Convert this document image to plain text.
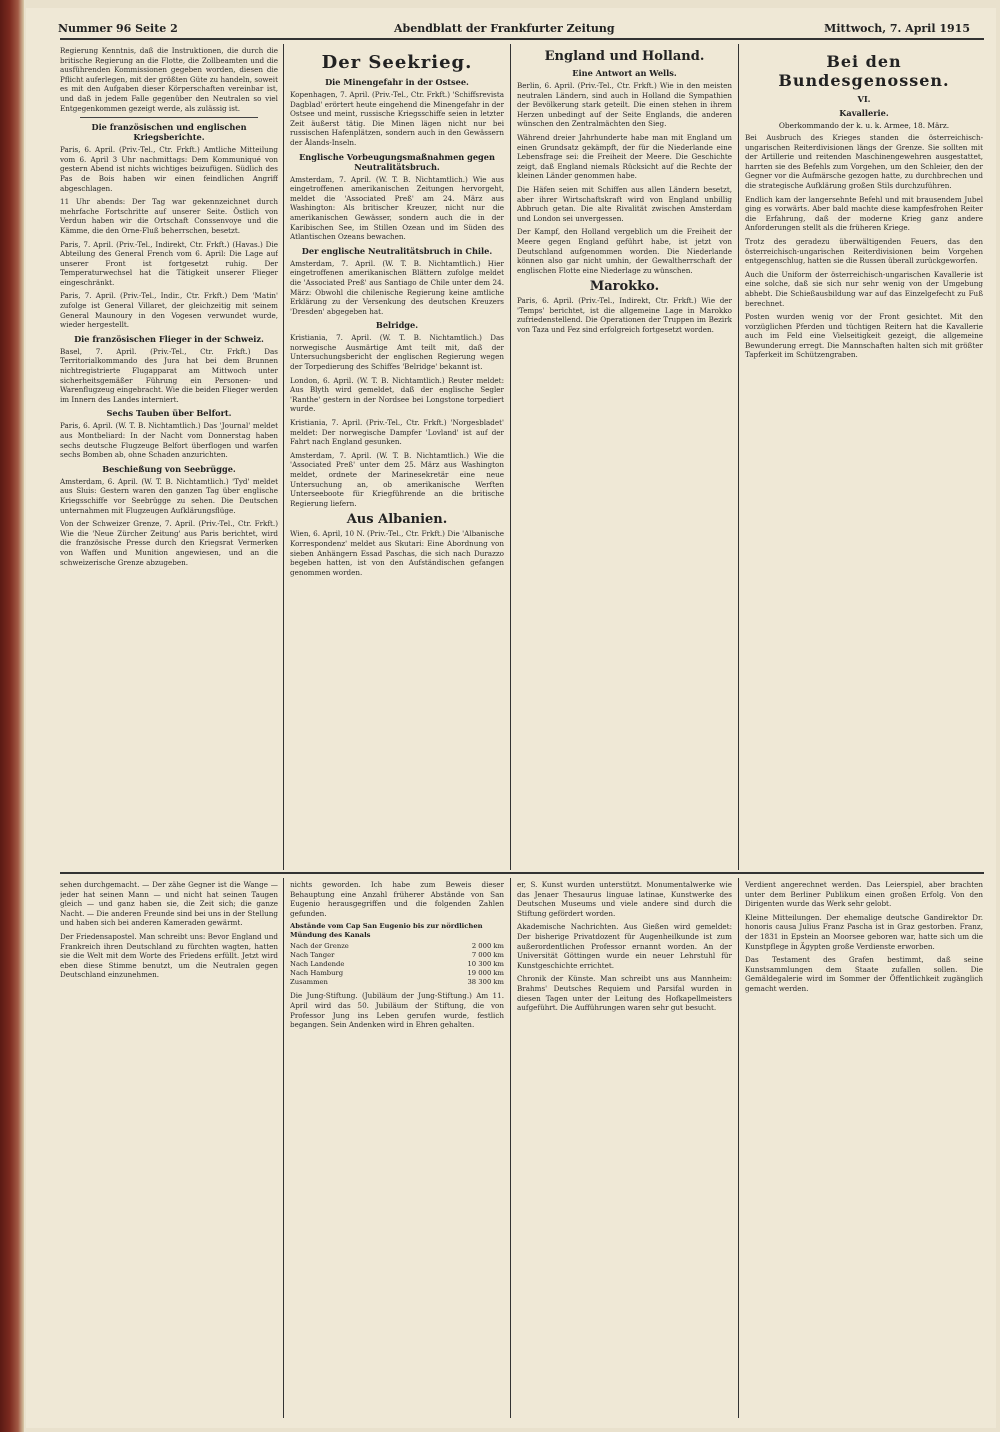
Nummer 96 Seite 2	Abendblatt der Frankfurter Zeitung	Mittwoch, 7. April 1915

Regierung Kenntnis, daß die Instruktionen, die durch die britische Regierung an die Flotte, die Zollbeamten und die ausführenden Kommissionen gegeben worden, diesen die Pflicht auferlegen, mit der größten Güte zu handeln, soweit es mit den Aufgaben dieser Körperschaften vereinbar ist, und daß in jedem Falle gegenüber den Neutralen so viel Entgegenkommen gezeigt werde, als zulässig ist.

Die französischen und englischen Kriegsberichte.

Paris, 6. April. (Priv.-Tel., Ctr. Frkft.) Amtliche Mitteilung vom 6. April 3 Uhr nachmittags: Dem Kommuniqué von gestern Abend ist nichts wichtiges beizufügen. Südlich des Pas de Bois haben wir einen feindlichen Angriff abgeschlagen.

11 Uhr abends: Der Tag war gekennzeichnet durch mehrfache Fortschritte auf unserer Seite. Östlich von Verdun haben wir die Ortschaft Conssenvoye und die Kämme, die den Orne-Fluß beherrschen, besetzt.

Paris, 7. April. (Priv.-Tel., Indirekt, Ctr. Frkft.) (Havas.) Die Abteilung des General French vom 6. April: Die Lage auf unserer Front ist fortgesetzt ruhig. Der Temperaturwechsel hat die Tätigkeit unserer Flieger eingeschränkt.

Paris, 7. April. (Priv.-Tel., Indir., Ctr. Frkft.) Dem 'Matin' zufolge ist General Villaret, der gleichzeitig mit seinem General Maunoury in den Vogesen verwundet wurde, wieder hergestellt.

Die französischen Flieger in der Schweiz.

Basel, 7. April. (Priv.-Tel., Ctr. Frkft.) Das Territorialkommando des Jura hat bei dem Brunnen nichtregistrierte Flugapparat am Mittwoch unter sicherheitsgemäßer Führung ein Personen- und Warenflugzeug eingebracht. Wie die beiden Flieger werden im Innern des Landes interniert.

Sechs Tauben über Belfort.

Paris, 6. April. (W. T. B. Nichtamtlich.) Das 'Journal' meldet aus Montbeliard: In der Nacht vom Donnerstag haben sechs deutsche Flugzeuge Belfort überflogen und warfen sechs Bomben ab, ohne Schaden anzurichten.

Beschießung von Seebrügge.

Amsterdam, 6. April. (W. T. B. Nichtamtlich.) 'Tyd' meldet aus Sluis: Gestern waren den ganzen Tag über englische Kriegsschiffe vor Seebrügge zu sehen. Die Deutschen unternahmen mit Flugzeugen Aufklärungsflüge.

Von der Schweizer Grenze, 7. April. (Priv.-Tel., Ctr. Frkft.) Wie die 'Neue Zürcher Zeitung' aus Paris berichtet, wird die französische Presse durch den Kriegsrat Vermerken von Waffen und Munition angewiesen, und an die schweizerische Grenze abzugeben.

Der Seekrieg.
Die Minengefahr in der Ostsee.

Kopenhagen, 7. April. (Priv.-Tel., Ctr. Frkft.) 'Schiffsrevista Dagblad' erörtert heute eingehend die Minengefahr in der Ostsee und meint, russische Kriegsschiffe seien in letzter Zeit äußerst tätig. Die Minen lägen nicht nur bei russischen Hafenplätzen, sondern auch in den Gewässern der Ålands-Inseln.

Englische Vorbeugungsmaßnahmen gegen Neutralitätsbruch.

Amsterdam, 7. April. (W. T. B. Nichtamtlich.) Wie aus eingetroffenen amerikanischen Zeitungen hervorgeht, meldet die 'Associated Preß' am 24. März aus Washington: Als britischer Kreuzer, nicht nur die amerikanischen Gewässer, sondern auch die in der Karibischen See, im Stillen Ozean und im Süden des Atlantischen Ozeans bewachen.

Der englische Neutralitätsbruch in Chile.

Amsterdam, 7. April. (W. T. B. Nichtamtlich.) Hier eingetroffenen amerikanischen Blättern zufolge meldet die 'Associated Preß' aus Santiago de Chile unter dem 24. März: Obwohl die chilenische Regierung keine amtliche Erklärung zu der Versenkung des deutschen Kreuzers 'Dresden' abgegeben hat.

Belridge.

Kristiania, 7. April. (W. T. B. Nichtamtlich.) Das norwegische Ausmärtige Amt teilt mit, daß der Untersuchungsbericht der englischen Regierung wegen der Torpedierung des Schiffes 'Belridge' bekannt ist.

London, 6. April. (W. T. B. Nichtamtlich.) Reuter meldet: Aus Blyth wird gemeldet, daß der englische Segler 'Ranthe' gestern in der Nordsee bei Longstone torpediert wurde.

Kristiania, 7. April. (Priv.-Tel., Ctr. Frkft.) 'Norgesbladet' meldet: Der norwegische Dampfer 'Lovland' ist auf der Fahrt nach England gesunken.

Amsterdam, 7. April. (W. T. B. Nichtamtlich.) Wie die 'Associated Preß' unter dem 25. März aus Washington meldet, ordnete der Marinesekretär eine neue Untersuchung an, ob amerikanische Werften Unterseeboote für Kriegführende an die britische Regierung liefern.

Aus Albanien.

Wien, 6. April, 10 N. (Priv.-Tel., Ctr. Frkft.) Die 'Albanische Korrespondenz' meldet aus Skutari: Eine Abordnung von sieben Anhängern Essad Paschas, die sich nach Durazzo begeben hatten, ist von den Aufständischen gefangen genommen worden.

England und Holland.
Eine Antwort an Wells.

Berlin, 6. April. (Priv.-Tel., Ctr. Frkft.) Wie in den meisten neutralen Ländern, sind auch in Holland die Sympathien der Bevölkerung stark geteilt. Die einen stehen in ihrem Herzen unbedingt auf der Seite Englands, die anderen wünschen den Zentralmächten den Sieg.

Während dreier Jahrhunderte habe man mit England um einen Grundsatz gekämpft, der für die Niederlande eine Lebensfrage sei: die Freiheit der Meere. Die Geschichte zeigt, daß England niemals Rücksicht auf die Rechte der kleinen Länder genommen habe.

Die Häfen seien mit Schiffen aus allen Ländern besetzt, aber ihrer Wirtschaftskraft wird von England unbillig Abbruch getan. Die alte Rivalität zwischen Amsterdam und London sei unvergessen.

Der Kampf, den Holland vergeblich um die Freiheit der Meere gegen England geführt habe, ist jetzt von Deutschland aufgenommen worden. Die Niederlande können also gar nicht umhin, der Gewaltherrschaft der englischen Flotte eine Niederlage zu wünschen.

Marokko.

Paris, 6. April. (Priv.-Tel., Indirekt, Ctr. Frkft.) Wie der 'Temps' berichtet, ist die allgemeine Lage in Marokko zufriedenstellend. Die Operationen der Truppen im Bezirk von Taza und Fez sind erfolgreich fortgesetzt worden.

Bei den Bundesgenossen.
VI.
Kavallerie.
Oberkommando der k. u. k. Armee, 18. März.

Bei Ausbruch des Krieges standen die österreichisch-ungarischen Reiterdivisionen längs der Grenze. Sie sollten mit der Artillerie und reitenden Maschinengewehren ausgestattet, harrten sie des Befehls zum Vorgehen, um den Schleier, den der Gegner vor die Aufmärsche gezogen hatte, zu durchbrechen und die strategische Aufklärung großen Stils durchzuführen.

Endlich kam der langersehnte Befehl und mit brausendem Jubel ging es vorwärts. Aber bald machte diese kampfesfrohen Reiter die Erfahrung, daß der moderne Krieg ganz andere Anforderungen stellt als die früheren Kriege.

Trotz des geradezu überwältigenden Feuers, das den österreichisch-ungarischen Reiterdivisionen beim Vorgehen entgegenschlug, hatten sie die Russen überall zurückgeworfen.

Auch die Uniform der österreichisch-ungarischen Kavallerie ist eine solche, daß sie sich nur sehr wenig von der Umgebung abhebt. Die Schießausbildung war auf das Einzelgefecht zu Fuß berechnet.

Posten wurden wenig vor der Front gesichtet. Mit den vorzüglichen Pferden und tüchtigen Reitern hat die Kavallerie auch im Feld eine Vielseitigkeit gezeigt, die allgemeine Bewunderung erregt. Die Mannschaften halten sich mit größter Tapferkeit im Schützengraben.

sehen durchgemacht. — Der zähe Gegner ist die Wange — jeder hat seinen Mann — und nicht hat seinen Taugen gleich — und ganz haben sie, die Zeit sich; die ganze Nacht. — Die anderen Freunde sind bei uns in der Stellung und haben sich bei anderen Kameraden gewärmt.

Der Friedensapostel. Man schreibt uns: Bevor England und Frankreich ihren Deutschland zu fürchten wagten, hatten sie die Welt mit dem Worte des Friedens erfüllt. Jetzt wird eben diese Stimme benutzt, um die Neutralen gegen Deutschland einzunehmen.

nichts geworden. Ich habe zum Beweis dieser Behauptung eine Anzahl früherer Abstände von San Eugenio herausgegriffen und die folgenden Zahlen gefunden.

Abstände vom Cap San Eugenio bis zur nördlichen Mündung des Kanals
Nach der Grenze	2 000 km
Nach Tanger	7 000 km
Nach Landende	10 300 km
Nach Hamburg	19 000 km
Zusammen	38 300 km

Die Jung-Stiftung. (Jubiläum der Jung-Stiftung.) Am 11. April wird das 50. Jubiläum der Stiftung, die von Professor Jung ins Leben gerufen wurde, festlich begangen. Sein Andenken wird in Ehren gehalten.

er, S. Kunst wurden unterstützt. Monumentalwerke wie das Jenaer Thesaurus linguae latinae, Kunstwerke des Deutschen Museums und viele andere sind durch die Stiftung gefördert worden.

Akademische Nachrichten. Aus Gießen wird gemeldet: Der bisherige Privatdozent für Augenheilkunde ist zum außerordentlichen Professor ernannt worden. An der Universität Göttingen wurde ein neuer Lehrstuhl für Kunstgeschichte errichtet.

Chronik der Künste. Man schreibt uns aus Mannheim: Brahms' Deutsches Requiem und Parsifal wurden in diesen Tagen unter der Leitung des Hofkapellmeisters aufgeführt. Die Aufführungen waren sehr gut besucht.

Verdient angerechnet werden. Das Leierspiel, aber brachten unter dem Berliner Publikum einen großen Erfolg. Von den Dirigenten wurde das Werk sehr gelobt.

Kleine Mitteilungen. Der ehemalige deutsche Gandirektor Dr. honoris causa Julius Franz Pascha ist in Graz gestorben. Franz, der 1831 in Epstein an Moorsee geboren war, hatte sich um die Kunstpflege in Ägypten große Verdienste erworben.

Das Testament des Grafen bestimmt, daß seine Kunstsammlungen dem Staate zufallen sollen. Die Gemäldegalerie wird im Sommer der Öffentlichkeit zugänglich gemacht werden.
